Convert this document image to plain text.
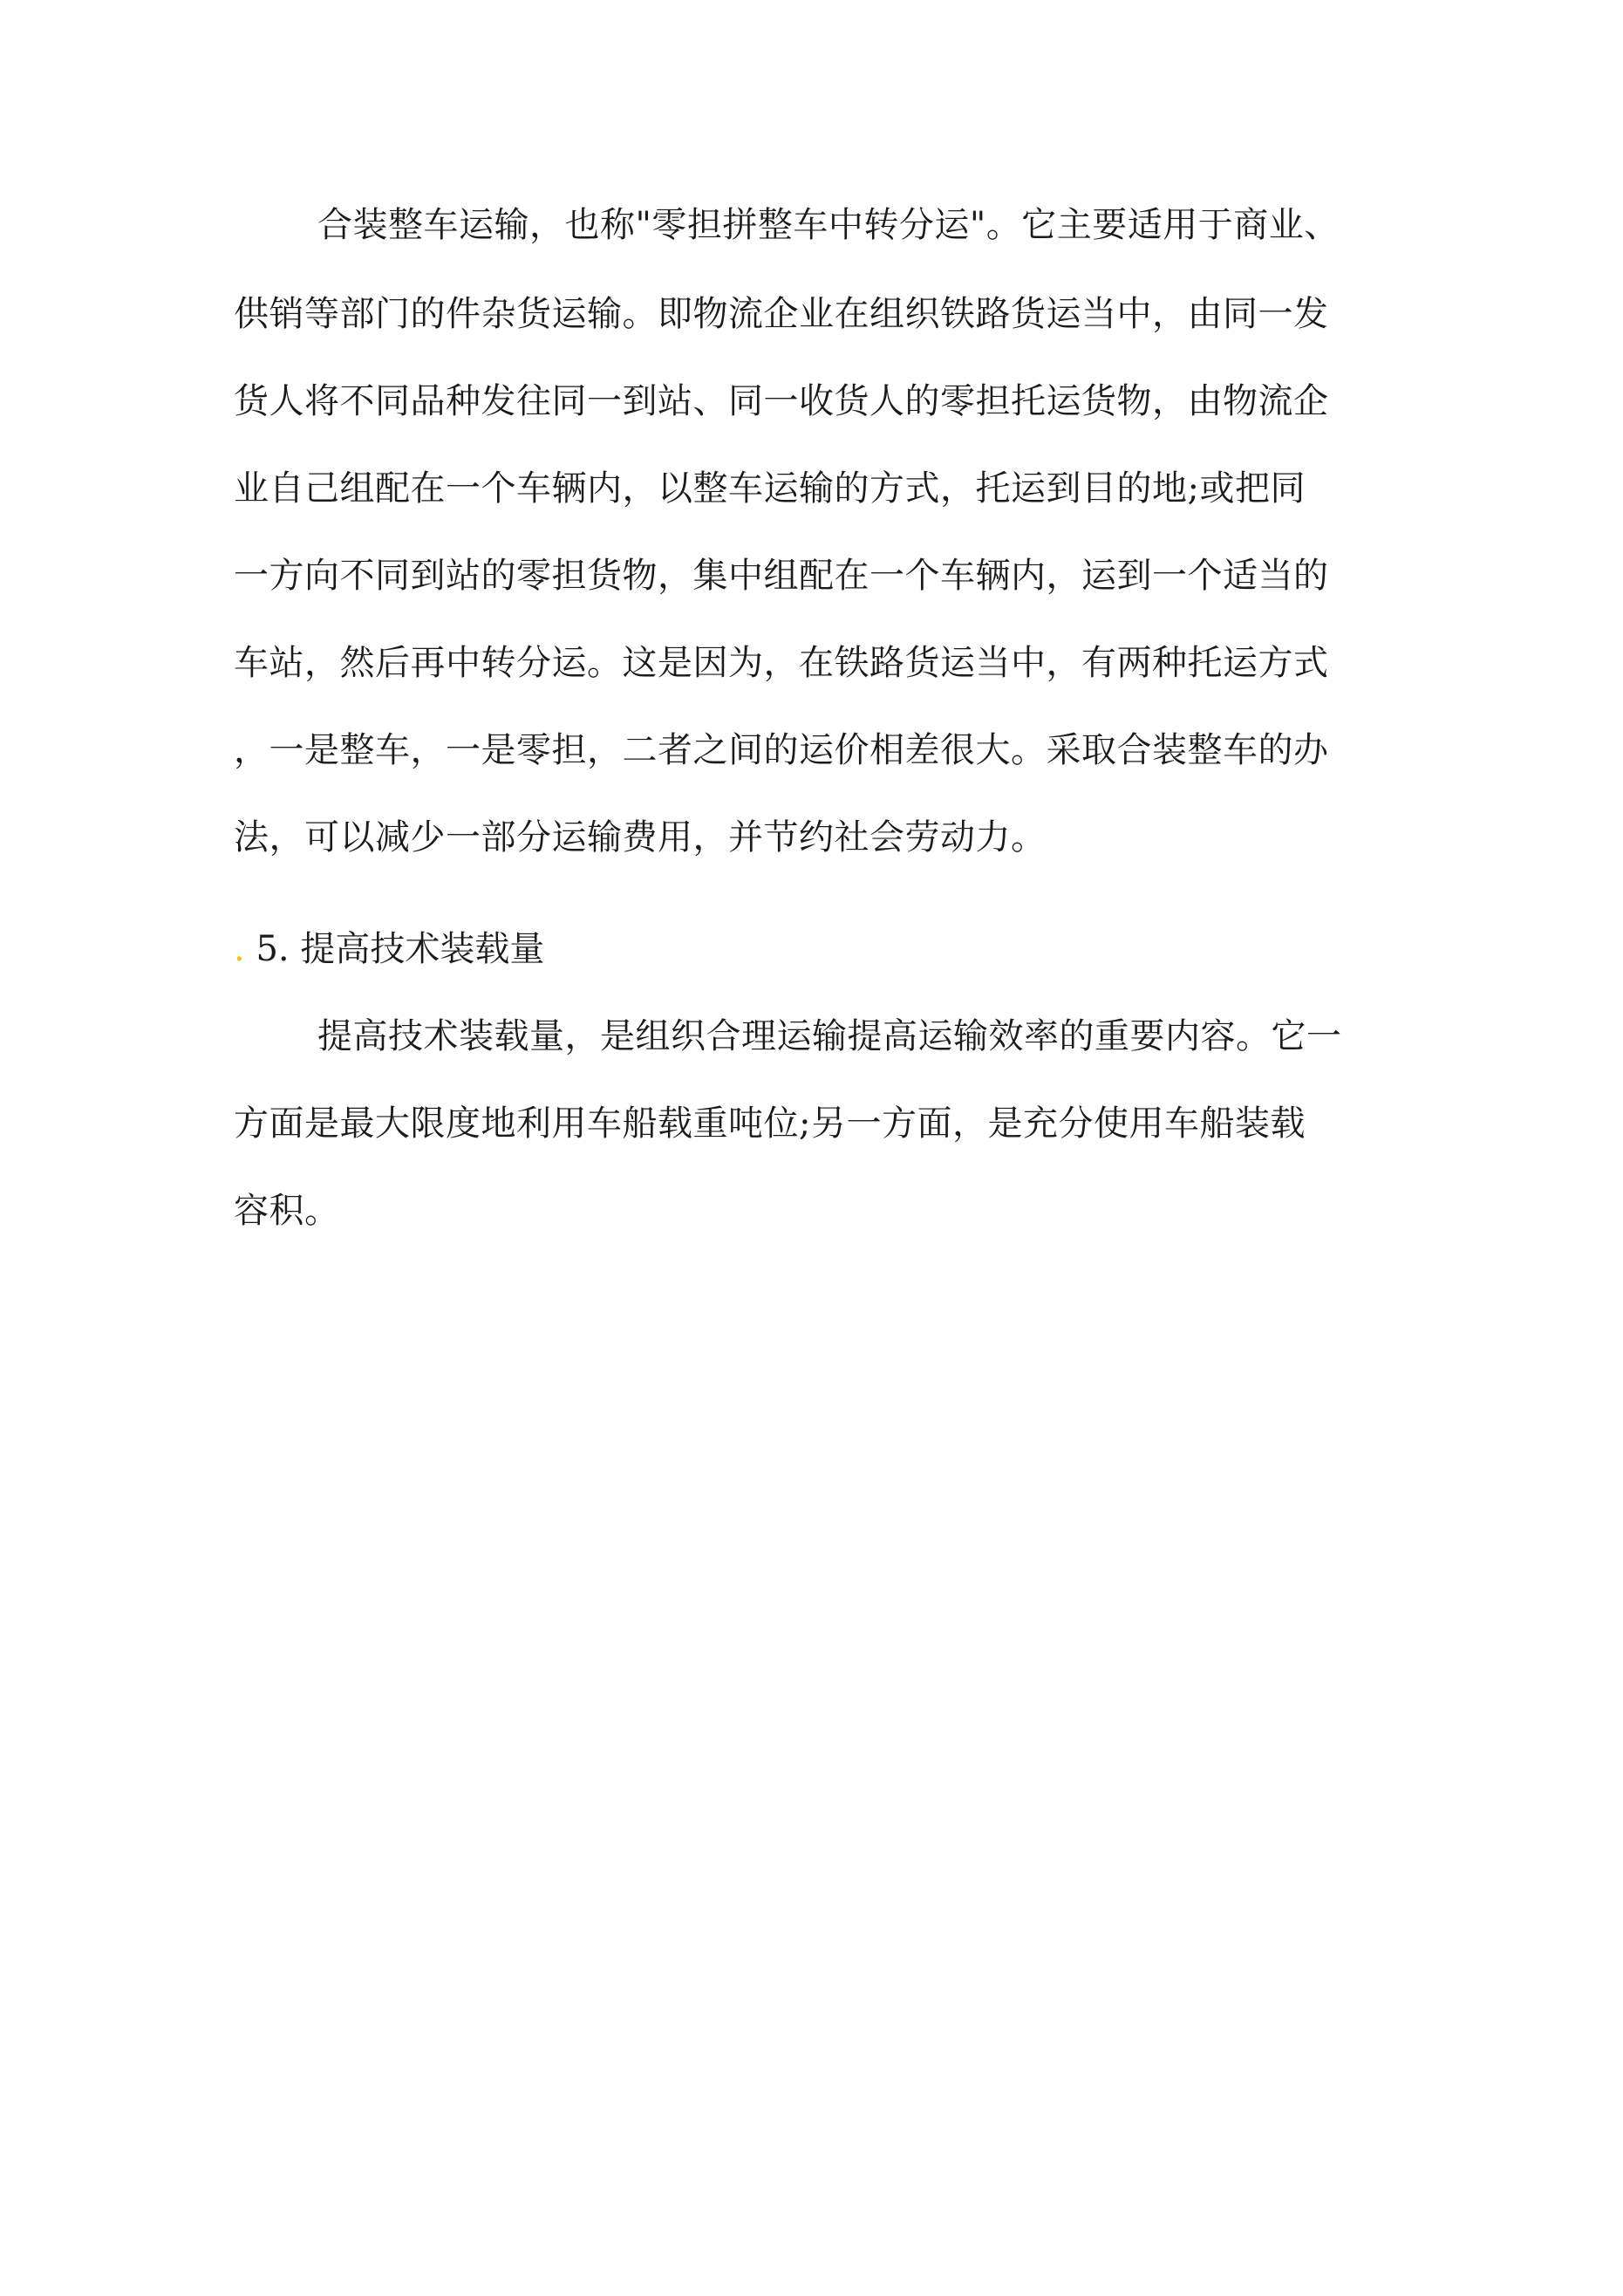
合装整车运输，也称"零担拼整车中转分运"。它主要适用于商业、
供销等部门的件杂货运输。即物流企业在组织铁路货运当中，由同一发
货人将不同品种发往同一到站、同一收货人的零担托运货物，由物流企
业自己组配在一个车辆内，以整车运输的方式，托运到目的地;或把同
一方向不同到站的零担货物，集中组配在一个车辆内，运到一个适当的
车站，然后再中转分运。这是因为，在铁路货运当中，有两种托运方式
，一是整车，一是零担，二者之间的运价相差很大。采取合装整车的办
法，可以减少一部分运输费用，并节约社会劳动力。
. 5. 提高技术装载量
提高技术装载量，是组织合理运输提高运输效率的重要内容。它一
方面是最大限度地利用车船载重吨位;另一方面，是充分使用车船装载
容积。
